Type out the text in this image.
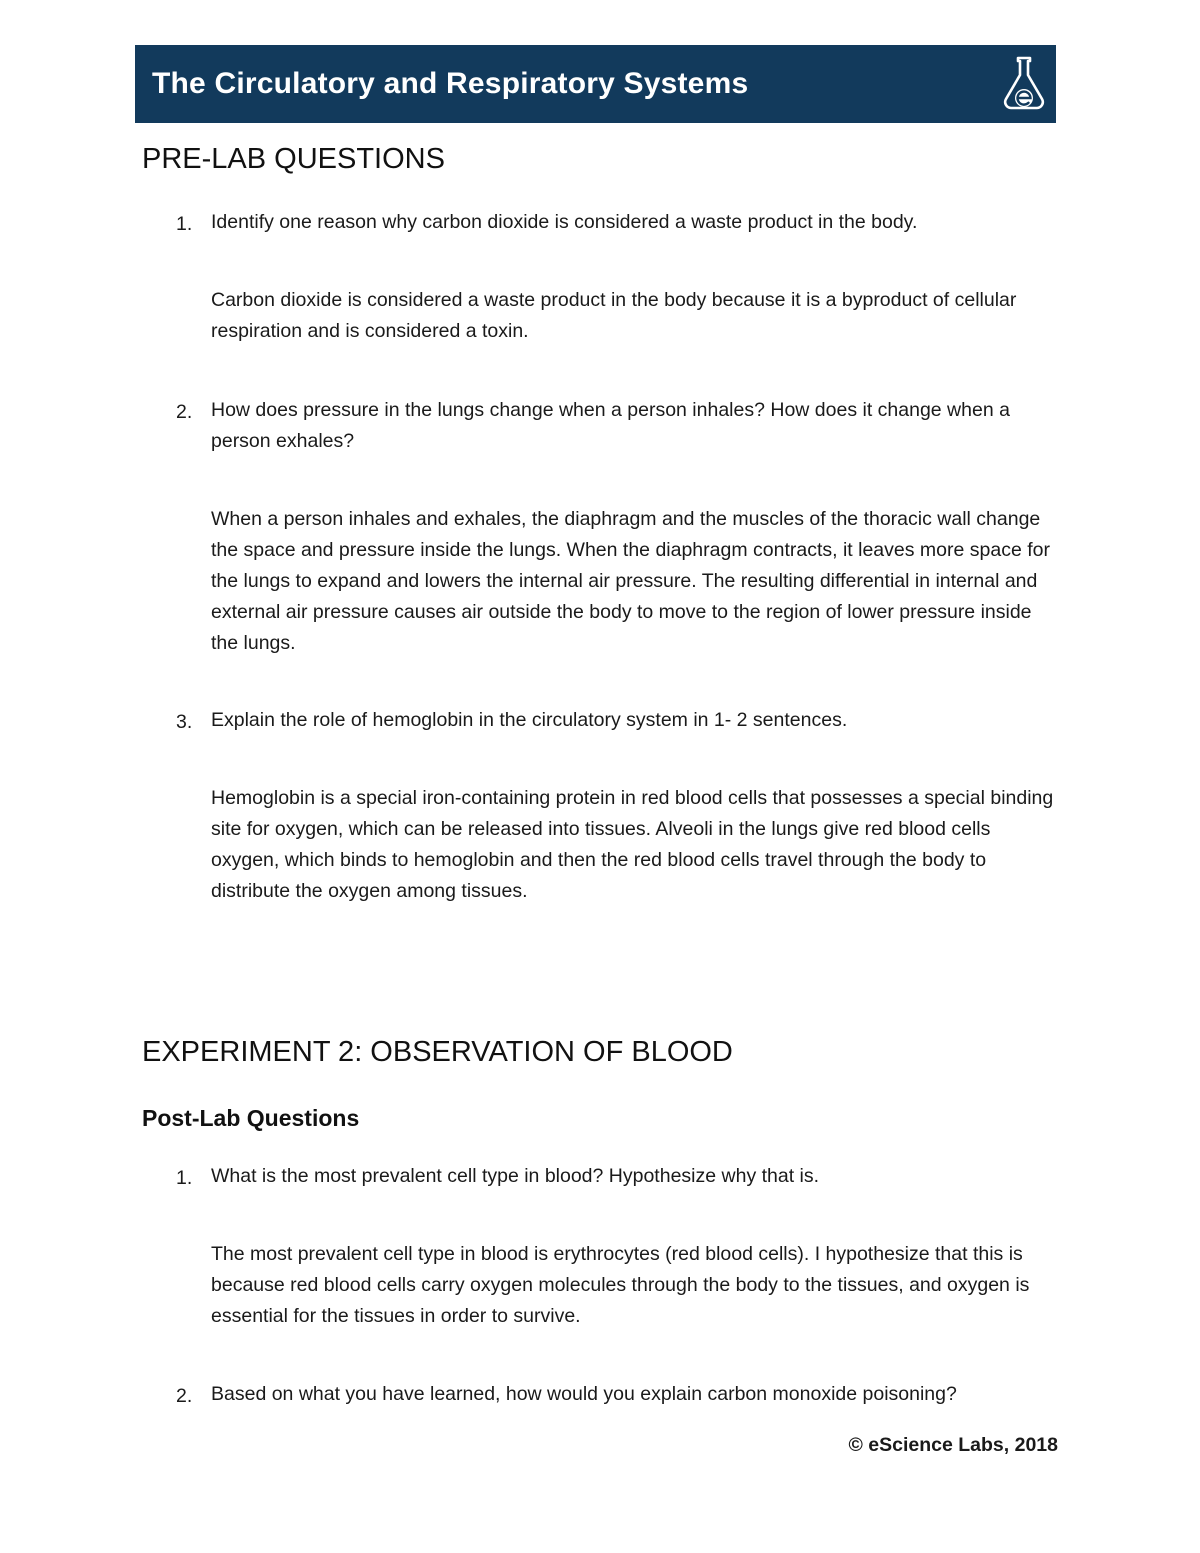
The Circulatory and Respiratory Systems
PRE-LAB QUESTIONS
1. Identify one reason why carbon dioxide is considered a waste product in the body.
Carbon dioxide is considered a waste product in the body because it is a byproduct of cellular respiration and is considered a toxin.
2. How does pressure in the lungs change when a person inhales? How does it change when a person exhales?
When a person inhales and exhales, the diaphragm and the muscles of the thoracic wall change the space and pressure inside the lungs. When the diaphragm contracts, it leaves more space for the lungs to expand and lowers the internal air pressure. The resulting differential in internal and external air pressure causes air outside the body to move to the region of lower pressure inside the lungs.
3. Explain the role of hemoglobin in the circulatory system in 1- 2 sentences.
Hemoglobin is a special iron-containing protein in red blood cells that possesses a special binding site for oxygen, which can be released into tissues. Alveoli in the lungs give red blood cells oxygen, which binds to hemoglobin and then the red blood cells travel through the body to distribute the oxygen among tissues.
EXPERIMENT 2: OBSERVATION OF BLOOD
Post-Lab Questions
1. What is the most prevalent cell type in blood? Hypothesize why that is.
The most prevalent cell type in blood is erythrocytes (red blood cells). I hypothesize that this is because red blood cells carry oxygen molecules through the body to the tissues, and oxygen is essential for the tissues in order to survive.
2. Based on what you have learned, how would you explain carbon monoxide poisoning?
© eScience Labs, 2018
